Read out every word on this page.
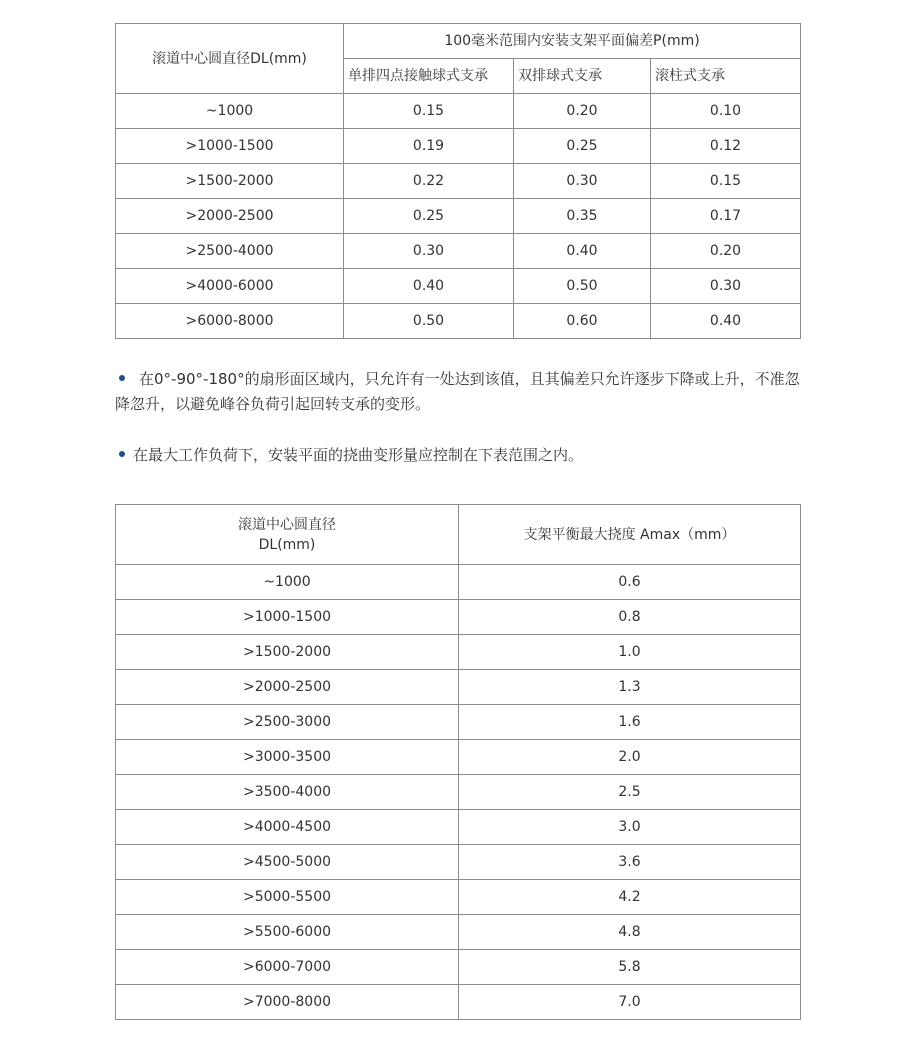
滚道中心圆直径DL(mm)	100毫米范围内安装支架平面偏差P(mm)		
	单排四点接触球式支承	双排球式支承	滚柱式支承
~1000	0.15	0.20	0.10
>1000-1500	0.19	0.25	0.12
>1500-2000	0.22	0.30	0.15
>2000-2500	0.25	0.35	0.17
>2500-4000	0.30	0.40	0.20
>4000-6000	0.40	0.50	0.30
>6000-8000	0.50	0.60	0.40
在0°-90°-180°的扇形面区域内，只允许有一处达到该值，且其偏差只允许逐步下降或上升，不准忽降忽升，以避免峰谷负荷引起回转支承的变形。
在最大工作负荷下，安装平面的挠曲变形量应控制在下表范围之内。
滚道中心圆直径
DL(mm)	支架平衡最大挠度 Amax（mm）
~1000	0.6
>1000-1500	0.8
>1500-2000	1.0
>2000-2500	1.3
>2500-3000	1.6
>3000-3500	2.0
>3500-4000	2.5
>4000-4500	3.0
>4500-5000	3.6
>5000-5500	4.2
>5500-6000	4.8
>6000-7000	5.8
>7000-8000	7.0
